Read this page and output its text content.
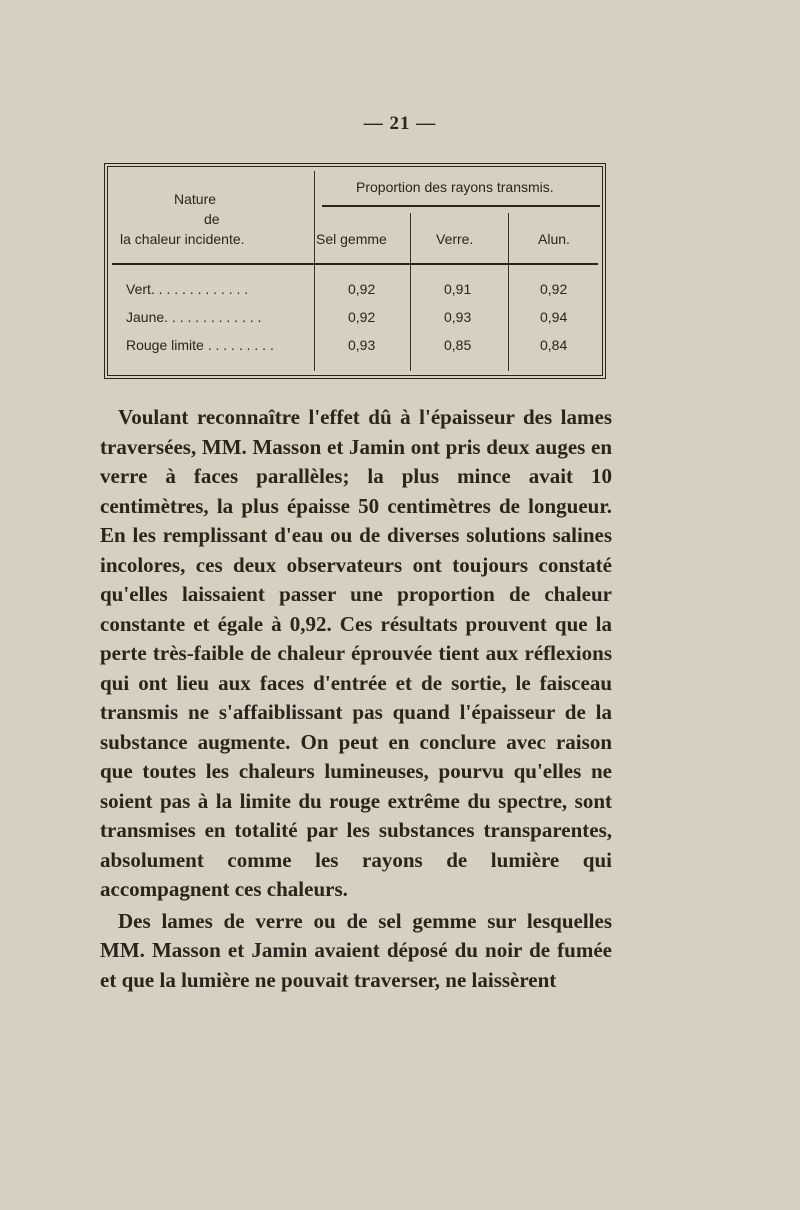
— 21 —
Nature
de
la chaleur incidente.
Proportion des rayons transmis.
Sel gemme	Verre.	Alun.
Vert. . . . . . . . . . . . .	0,92	0,91	0,92
Jaune. . . . . . . . . . . . .	0,92	0,93	0,94
Rouge limite . . . . . . . . .	0,93	0,85	0,84

Voulant reconnaître l'effet dû à l'épaisseur des lames traversées, MM. Masson et Jamin ont pris deux auges en verre à faces parallèles; la plus mince avait 10 centimètres, la plus épaisse 50 centimètres de longueur. En les remplissant d'eau ou de diverses solutions salines incolores, ces deux observateurs ont toujours constaté qu'elles laissaient passer une proportion de chaleur constante et égale à 0,92. Ces résultats prouvent que la perte très-faible de chaleur éprouvée tient aux réflexions qui ont lieu aux faces d'entrée et de sortie, le faisceau transmis ne s'affaiblissant pas quand l'épaisseur de la substance augmente. On peut en conclure avec raison que toutes les chaleurs lumineuses, pourvu qu'elles ne soient pas à la limite du rouge extrême du spectre, sont transmises en totalité par les substances transparentes, absolument comme les rayons de lumière qui accompagnent ces chaleurs.

Des lames de verre ou de sel gemme sur lesquelles MM. Masson et Jamin avaient déposé du noir de fumée et que la lumière ne pouvait traverser, ne laissèrent
